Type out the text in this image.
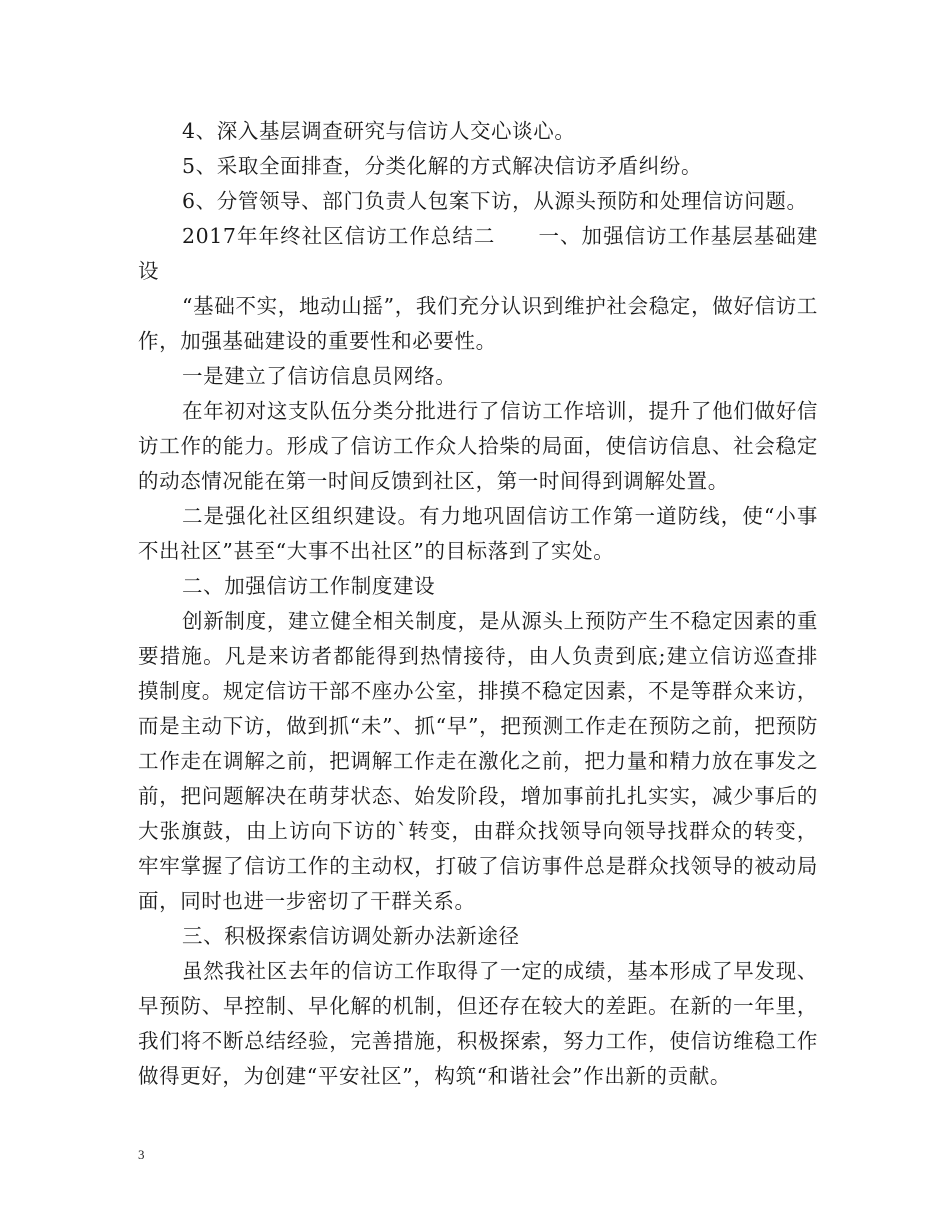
4、深入基层调查研究与信访人交心谈心。

5、采取全面排查，分类化解的方式解决信访矛盾纠纷。

6、分管领导、部门负责人包案下访，从源头预防和处理信访问题。

2017年年终社区信访工作总结二　　一、加强信访工作基层基础建设

“基础不实，地动山摇”，我们充分认识到维护社会稳定，做好信访工作，加强基础建设的重要性和必要性。

一是建立了信访信息员网络。

在年初对这支队伍分类分批进行了信访工作培训，提升了他们做好信访工作的能力。形成了信访工作众人拾柴的局面，使信访信息、社会稳定的动态情况能在第一时间反馈到社区，第一时间得到调解处置。

二是强化社区组织建设。有力地巩固信访工作第一道防线，使“小事不出社区”甚至“大事不出社区”的目标落到了实处。

二、加强信访工作制度建设

创新制度，建立健全相关制度，是从源头上预防产生不稳定因素的重要措施。凡是来访者都能得到热情接待，由人负责到底;建立信访巡查排摸制度。规定信访干部不座办公室，排摸不稳定因素，不是等群众来访，而是主动下访，做到抓“未”、抓“早”，把预测工作走在预防之前，把预防工作走在调解之前，把调解工作走在激化之前，把力量和精力放在事发之前，把问题解决在萌芽状态、始发阶段，增加事前扎扎实实，减少事后的大张旗鼓，由上访向下访的`转变，由群众找领导向领导找群众的转变，牢牢掌握了信访工作的主动权，打破了信访事件总是群众找领导的被动局面，同时也进一步密切了干群关系。

三、积极探索信访调处新办法新途径

虽然我社区去年的信访工作取得了一定的成绩，基本形成了早发现、早预防、早控制、早化解的机制，但还存在较大的差距。在新的一年里，我们将不断总结经验，完善措施，积极探索，努力工作，使信访维稳工作做得更好，为创建“平安社区”，构筑“和谐社会”作出新的贡献。

3
